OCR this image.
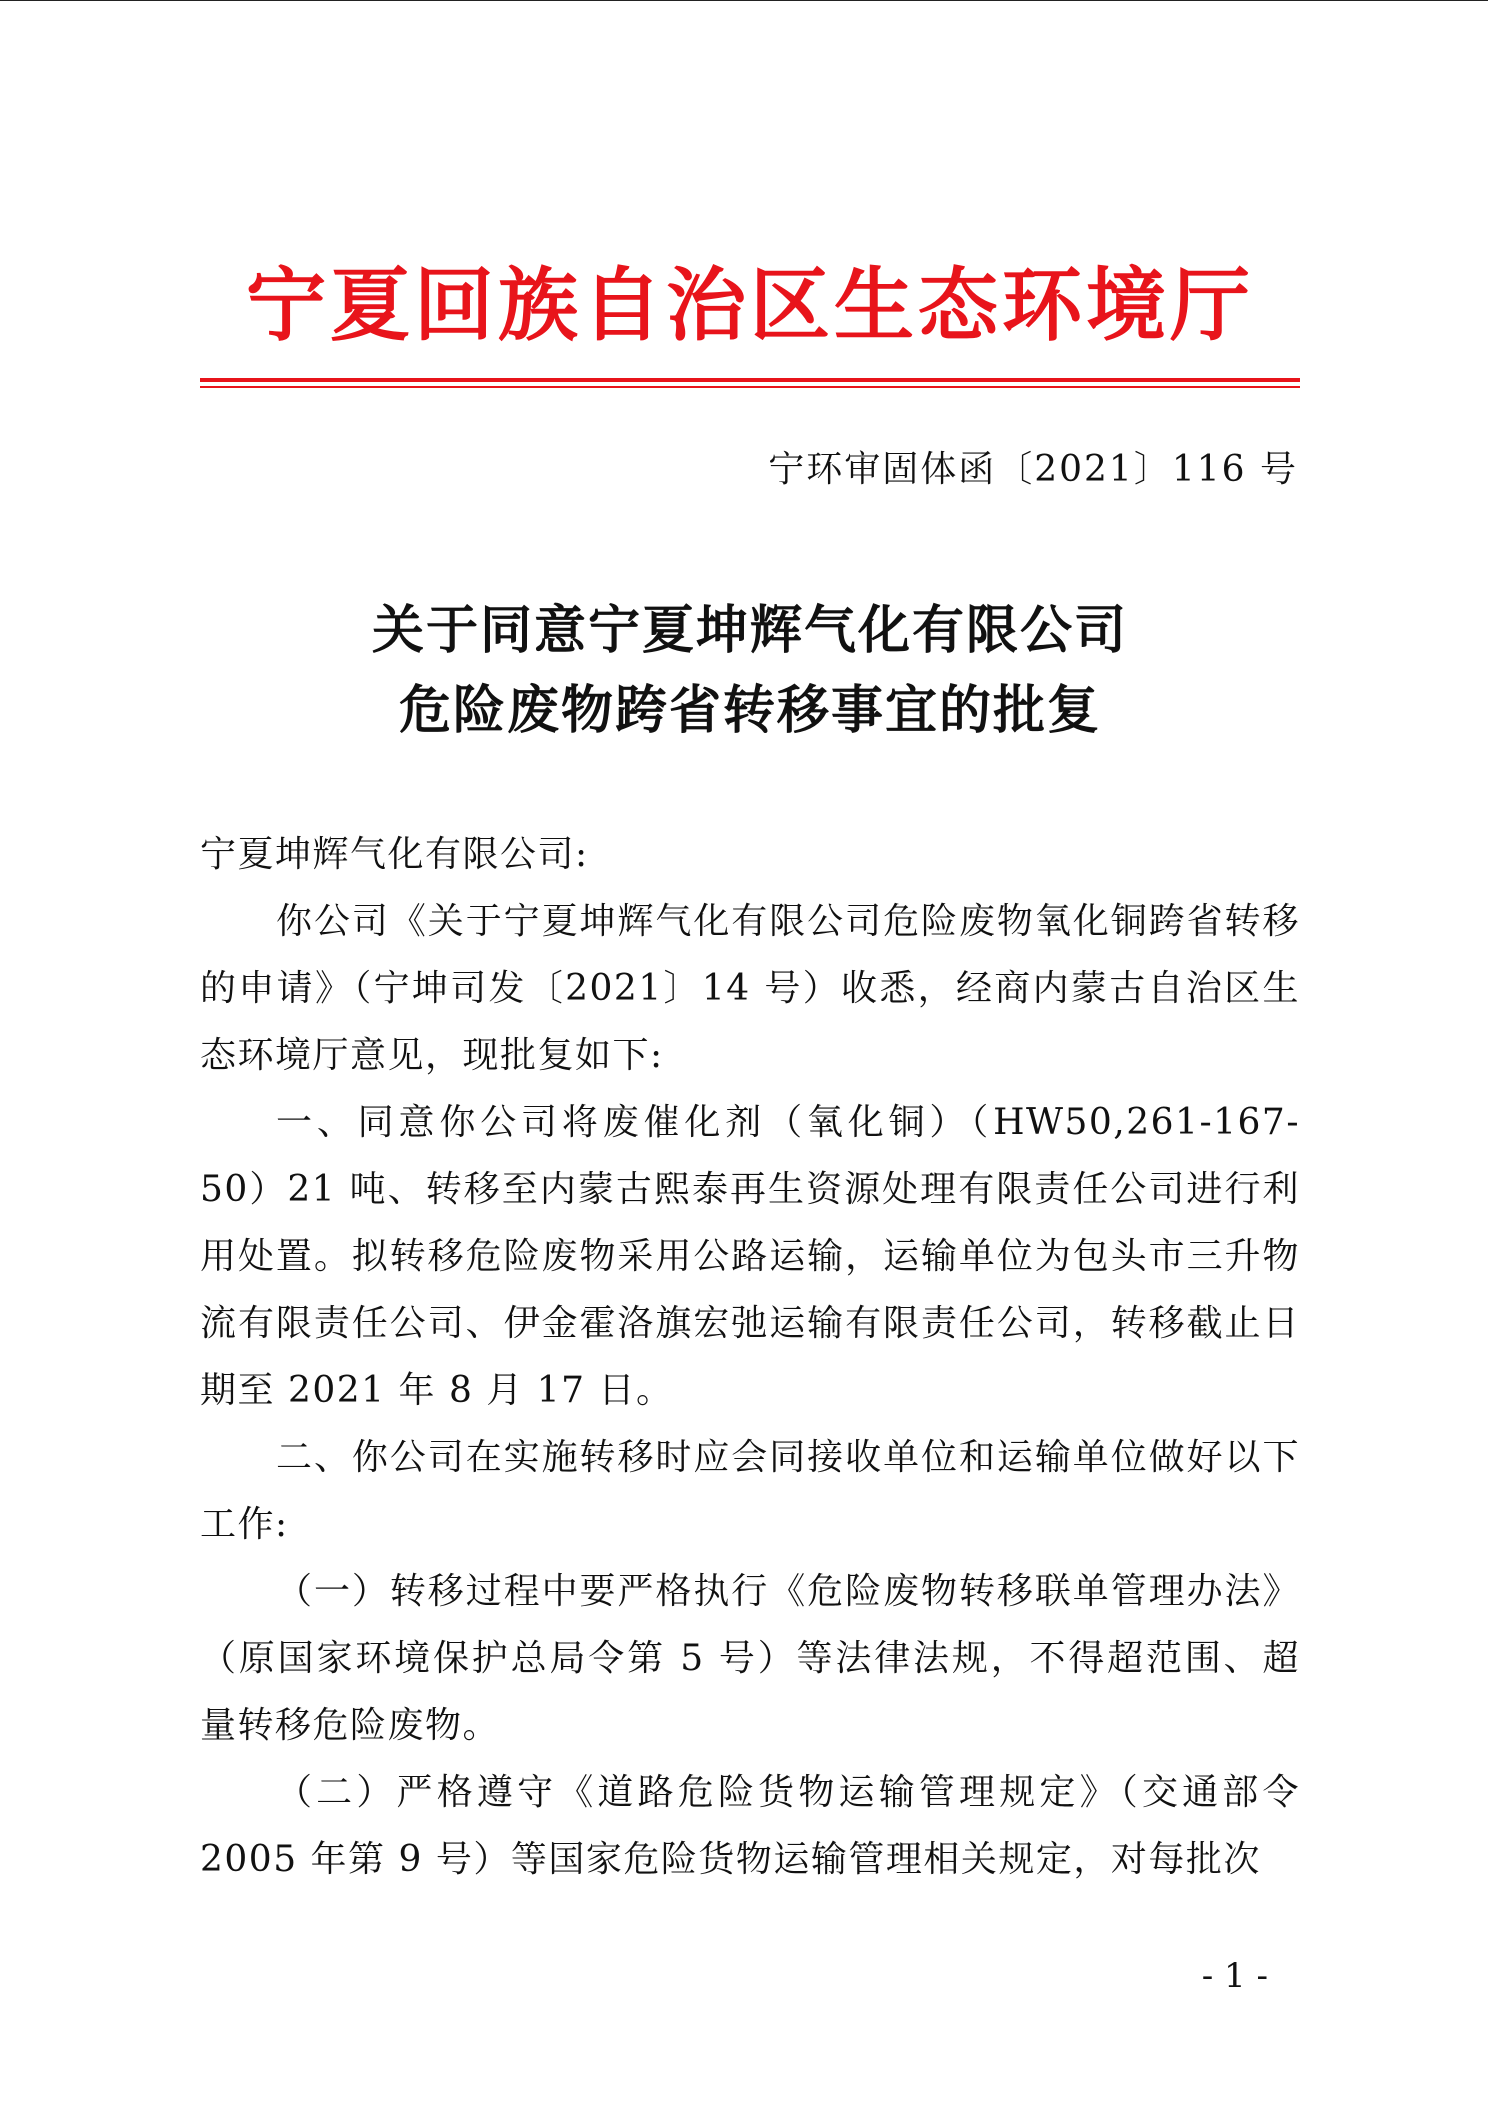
宁夏回族自治区生态环境厅
宁环审固体函〔2021〕116 号
关于同意宁夏坤辉气化有限公司
危险废物跨省转移事宜的批复

宁夏坤辉气化有限公司:

你公司《关于宁夏坤辉气化有限公司危险废物氧化铜跨省转移的申请》（宁坤司发〔2021〕14 号）收悉，经商内蒙古自治区生态环境厅意见，现批复如下:

一、同意你公司将废催化剂（氧化铜）（HW50,261-167-50）21 吨、转移至内蒙古熙泰再生资源处理有限责任公司进行利用处置。拟转移危险废物采用公路运输，运输单位为包头市三升物流有限责任公司、伊金霍洛旗宏弛运输有限责任公司，转移截止日期至 2021 年 8 月 17 日。

二、你公司在实施转移时应会同接收单位和运输单位做好以下工作:

（一）转移过程中要严格执行《危险废物转移联单管理办法》（原国家环境保护总局令第 5 号）等法律法规，不得超范围、超量转移危险废物。

（二）严格遵守《道路危险货物运输管理规定》（交通部令 2005 年第 9 号）等国家危险货物运输管理相关规定，对每批次

- 1 -
